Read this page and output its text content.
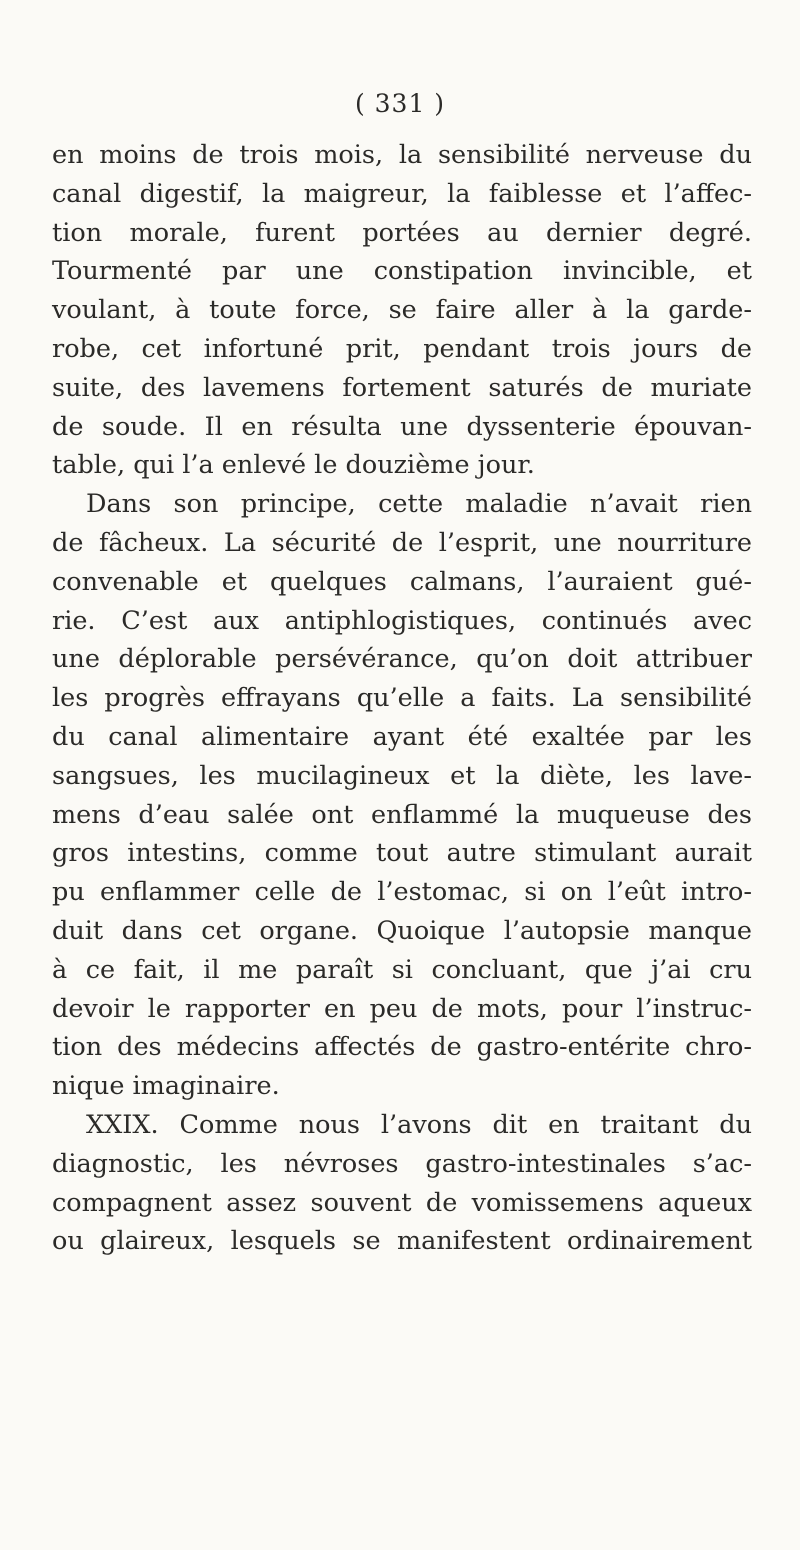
( 331 )
en moins de trois mois, la sensibilité nerveuse du
canal digestif, la maigreur, la faiblesse et l’affec-
tion morale, furent portées au dernier degré.
Tourmenté par une constipation invincible, et
voulant, à toute force, se faire aller à la garde-
robe, cet infortuné prit, pendant trois jours de
suite, des lavemens fortement saturés de muriate
de soude. Il en résulta une dyssenterie épouvan-
table, qui l’a enlevé le douzième jour.
Dans son principe, cette maladie n’avait rien
de fâcheux. La sécurité de l’esprit, une nourriture
convenable et quelques calmans, l’auraient gué-
rie. C’est aux antiphlogistiques, continués avec
une déplorable persévérance, qu’on doit attribuer
les progrès effrayans qu’elle a faits. La sensibilité
du canal alimentaire ayant été exaltée par les
sangsues, les mucilagineux et la diète, les lave-
mens d’eau salée ont enflammé la muqueuse des
gros intestins, comme tout autre stimulant aurait
pu enflammer celle de l’estomac, si on l’eût intro-
duit dans cet organe. Quoique l’autopsie manque
à ce fait, il me paraît si concluant, que j’ai cru
devoir le rapporter en peu de mots, pour l’instruc-
tion des médecins affectés de gastro-entérite chro-
nique imaginaire.
XXIX. Comme nous l’avons dit en traitant du
diagnostic, les névroses gastro-intestinales s’ac-
compagnent assez souvent de vomissemens aqueux
ou glaireux, lesquels se manifestent ordinairement
